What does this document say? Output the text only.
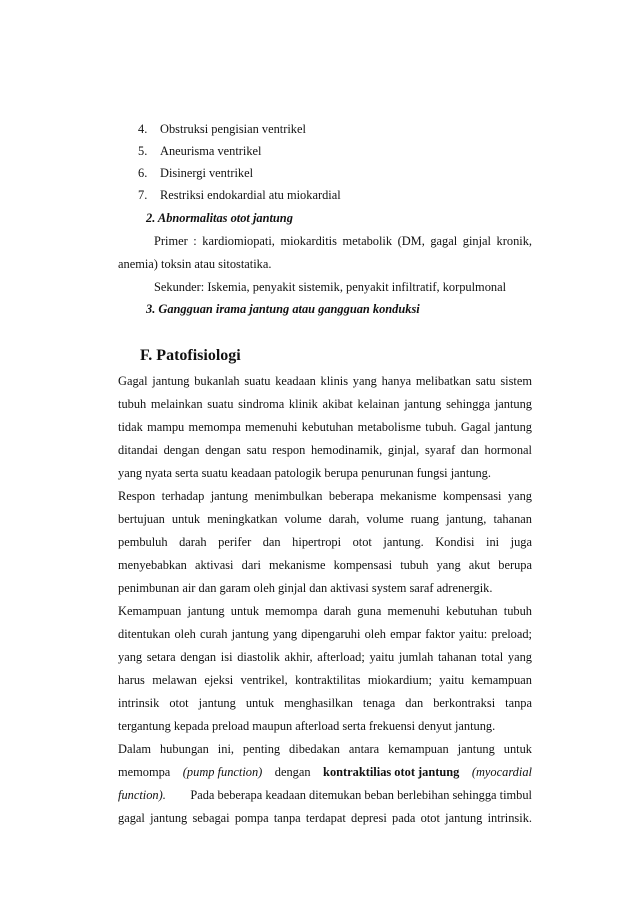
4. Obstruksi pengisian ventrikel
5. Aneurisma ventrikel
6. Disinergi ventrikel
7. Restriksi endokardial atu miokardial
2. Abnormalitas otot jantung
Primer : kardiomiopati, miokarditis metabolik (DM, gagal ginjal kronik,
anemia) toksin atau sitostatika.
Sekunder: Iskemia, penyakit sistemik, penyakit infiltratif, korpulmonal
3. Gangguan irama jantung atau gangguan konduksi
F. Patofisiologi
Gagal jantung bukanlah suatu keadaan klinis yang hanya melibatkan satu sistem
tubuh melainkan suatu sindroma klinik akibat kelainan jantung sehingga jantung
tidak mampu memompa memenuhi kebutuhan metabolisme tubuh. Gagal jantung
ditandai dengan dengan satu respon hemodinamik, ginjal, syaraf dan hormonal
yang nyata serta suatu keadaan patologik berupa penurunan fungsi jantung.
Respon terhadap jantung menimbulkan beberapa mekanisme kompensasi yang
bertujuan untuk meningkatkan volume darah, volume ruang jantung, tahanan
pembuluh darah perifer dan hipertropi otot jantung. Kondisi ini juga
menyebabkan aktivasi dari mekanisme kompensasi tubuh yang akut berupa
penimbunan air dan garam oleh ginjal dan aktivasi system saraf adrenergik.
Kemampuan jantung untuk memompa darah guna memenuhi kebutuhan tubuh
ditentukan oleh curah jantung yang dipengaruhi oleh empar faktor yaitu: preload;
yang setara dengan isi diastolik akhir, afterload; yaitu jumlah tahanan total yang
harus melawan ejeksi ventrikel, kontraktilitas miokardium; yaitu kemampuan
intrinsik otot jantung untuk menghasilkan tenaga dan berkontraksi tanpa
tergantung kepada preload maupun afterload serta frekuensi denyut jantung.
Dalam hubungan ini, penting dibedakan antara kemampuan jantung untuk
memompa (pump function) dengan kontraktilias otot jantung (myocardial
function). Pada beberapa keadaan ditemukan beban berlebihan sehingga timbul
gagal jantung sebagai pompa tanpa terdapat depresi pada otot jantung intrinsik.
